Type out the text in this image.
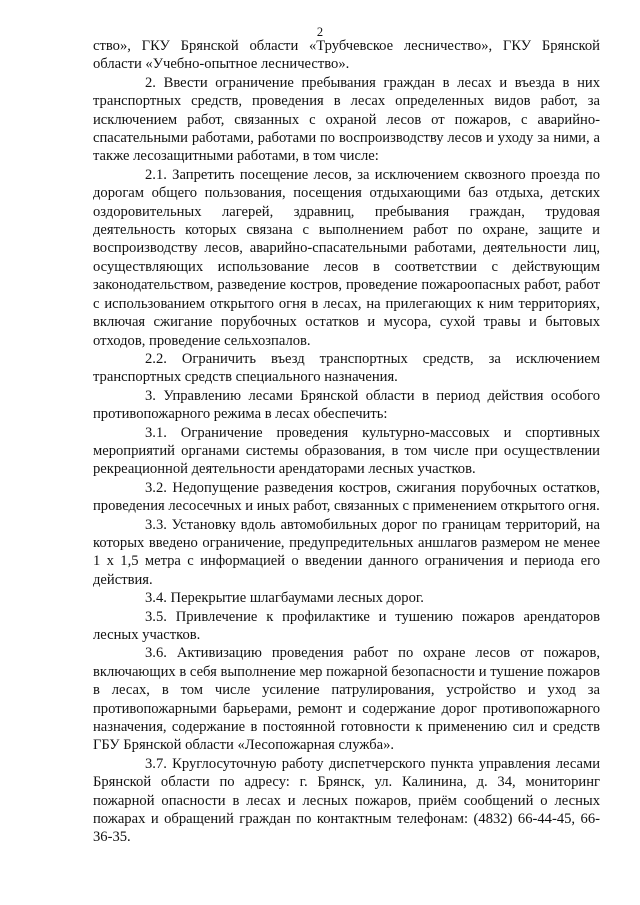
2

ство», ГКУ Брянской области «Трубчевское лесничество», ГКУ Брянской области «Учебно-опытное лесничество».

2. Ввести ограничение пребывания граждан в лесах и въезда в них транспортных средств, проведения в лесах определенных видов работ, за исключением работ, связанных с охраной лесов от пожаров, с аварийно-спасательными работами, работами по воспроизводству лесов и уходу за ними, а также лесозащитными работами, в том числе:

2.1. Запретить посещение лесов, за исключением сквозного проезда по дорогам общего пользования, посещения отдыхающими баз отдыха, детских оздоровительных лагерей, здравниц, пребывания граждан, трудовая деятельность которых связана с выполнением работ по охране, защите и воспроизводству лесов, аварийно-спасательными работами, деятельности лиц, осуществляющих использование лесов в соответствии с действующим законодательством, разведение костров, проведение пожароопасных работ, работ с использованием открытого огня в лесах, на прилегающих к ним территориях, включая сжигание порубочных остатков и мусора, сухой травы и бытовых отходов, проведение сельхозпалов.

2.2. Ограничить въезд транспортных средств, за исключением транспортных средств специального назначения.

3. Управлению лесами Брянской области в период действия особого противопожарного режима в лесах обеспечить:

3.1. Ограничение проведения культурно-массовых и спортивных мероприятий органами системы образования, в том числе при осуществлении рекреационной деятельности арендаторами лесных участков.

3.2. Недопущение разведения костров, сжигания порубочных остатков, проведения лесосечных и иных работ, связанных с применением открытого огня.

3.3. Установку вдоль автомобильных дорог по границам территорий, на которых введено ограничение, предупредительных аншлагов размером не менее 1 х 1,5 метра с информацией о введении данного ограничения и периода его действия.

3.4. Перекрытие шлагбаумами лесных дорог.

3.5. Привлечение к профилактике и тушению пожаров арендаторов лесных участков.

3.6. Активизацию проведения работ по охране лесов от пожаров, включающих в себя выполнение мер пожарной безопасности и тушение пожаров в лесах, в том числе усиление патрулирования, устройство и уход за противопожарными барьерами, ремонт и содержание дорог противопожарного назначения, содержание в постоянной готовности к применению сил и средств ГБУ Брянской области «Лесопожарная служба».

3.7. Круглосуточную работу диспетчерского пункта управления лесами Брянской области по адресу: г. Брянск, ул. Калинина, д. 34, мониторинг пожарной опасности в лесах и лесных пожаров, приём сообщений о лесных пожарах и обращений граждан по контактным телефонам: (4832) 66-44-45, 66-36-35.
